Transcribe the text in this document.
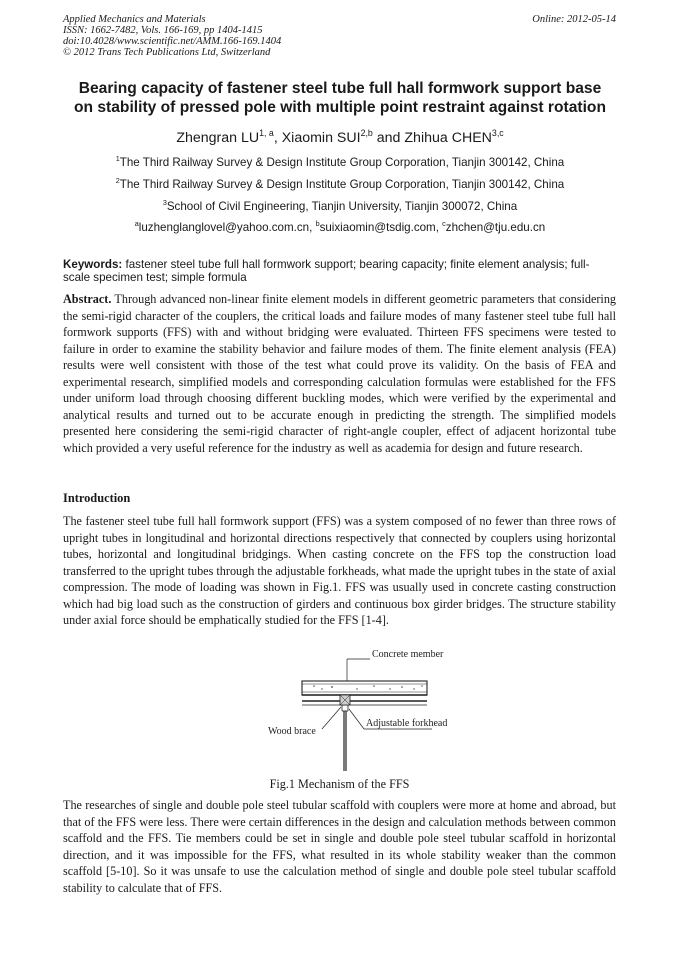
Applied Mechanics and Materials
ISSN: 1662-7482, Vols. 166-169, pp 1404-1415
doi:10.4028/www.scientific.net/AMM.166-169.1404
© 2012 Trans Tech Publications Ltd, Switzerland
Online: 2012-05-14
Bearing capacity of fastener steel tube full hall formwork support base
on stability of pressed pole with multiple point restraint against rotation
Zhengran LU$^{1, a}$, Xiaomin SUI$^{2,b}$ and Zhihua CHEN$^{3,c}$
$^1$The Third Railway Survey & Design Institute Group Corporation, Tianjin 300142, China
$^2$The Third Railway Survey & Design Institute Group Corporation, Tianjin 300142, China
$^3$School of Civil Engineering, Tianjin University, Tianjin 300072, China
$^a$luzhenglanglovel@yahoo.com.cn, $^b$suixiaomin@tsdig.com, $^c$zhchen@tju.edu.cn
Keywords: fastener steel tube full hall formwork support; bearing capacity; finite element analysis; full-scale specimen test; simple formula
Abstract. Through advanced non-linear finite element models in different geometric parameters that considering the semi-rigid character of the couplers, the critical loads and failure modes of many fastener steel tube full hall formwork supports (FFS) with and without bridging were evaluated. Thirteen FFS specimens were tested to failure in order to examine the stability behavior and failure modes of them. The finite element analysis (FEA) results were well consistent with those of the test what could prove its validity. On the basis of FEA and experimental research, simplified models and corresponding calculation formulas were established for the FFS under uniform load through choosing different buckling modes, which were verified by the experimental and analytical results and turned out to be accurate enough in predicting the strength. The simplified models presented here considering the semi-rigid character of right-angle coupler, effect of adjacent horizontal tube which provided a very useful reference for the industry as well as academia for design and future research.
Introduction
The fastener steel tube full hall formwork support (FFS) was a system composed of no fewer than three rows of upright tubes in longitudinal and horizontal directions respectively that connected by couplers using horizontal tubes, horizontal and longitudinal bridgings. When casting concrete on the FFS top the construction load transferred to the upright tubes through the adjustable forkheads, what made the upright tubes in the state of axial compression. The mode of loading was shown in Fig.1. FFS was usually used in concrete casting construction which had big load such as the construction of girders and continuous box girder bridges. The structure stability under axial force should be emphatically studied for the FFS [1-4].
Concrete member
Wood brace
Adjustable forkhead
Fig.1 Mechanism of the FFS
The researches of single and double pole steel tubular scaffold with couplers were more at home and abroad, but that of the FFS were less. There were certain differences in the design and calculation methods between common scaffold and the FFS. Tie members could be set in single and double pole steel tubular scaffold in horizontal direction, and it was impossible for the FFS, what resulted in its whole stability weaker than the common scaffold [5-10]. So it was unsafe to use the calculation method of single and double pole steel tubular scaffold stability to calculate that of FFS.
